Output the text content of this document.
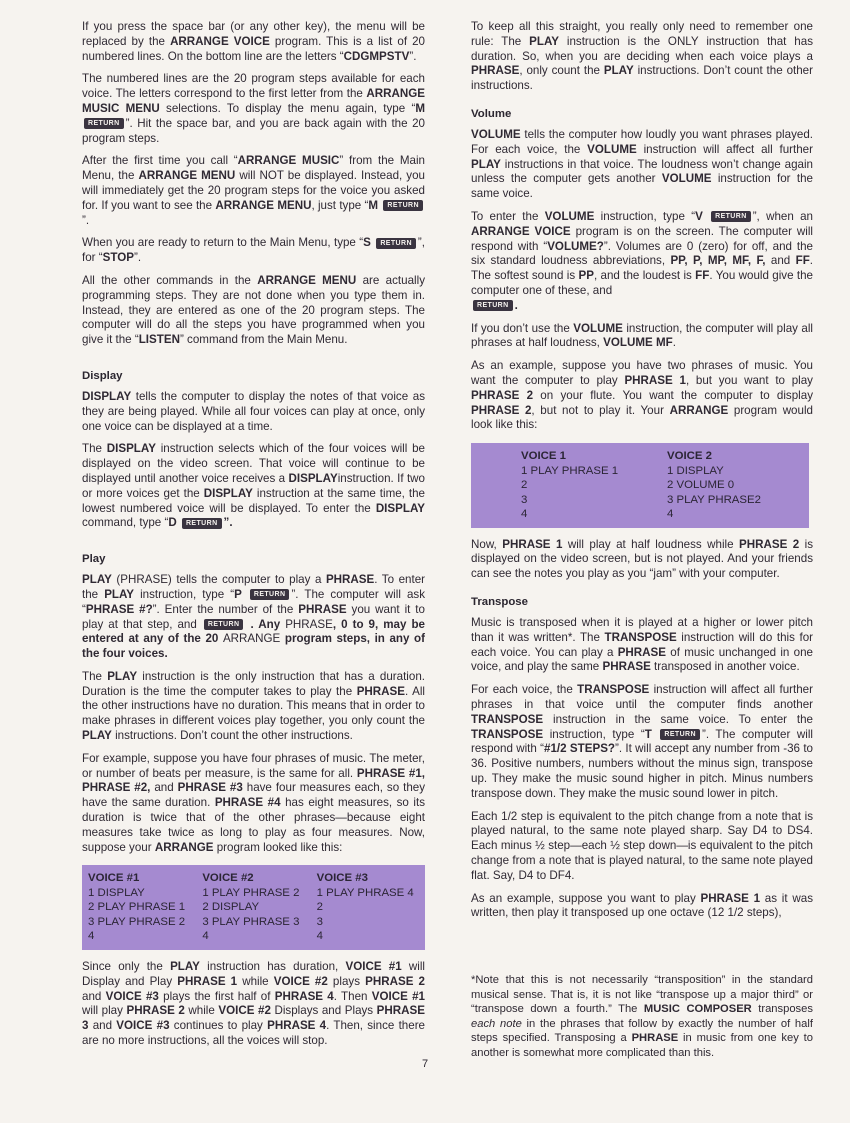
If you press the space bar (or any other key), the menu will be replaced by the ARRANGE VOICE program. This is a list of 20 numbered lines. On the bottom line are the letters “CDGMPSTV”.

The numbered lines are the 20 program steps available for each voice. The letters correspond to the first letter from the ARRANGE MUSIC MENU selections. To display the menu again, type “M RETURN ”. Hit the space bar, and you are back again with the 20 program steps.

After the first time you call “ARRANGE MUSIC” from the Main Menu, the ARRANGE MENU will NOT be displayed. Instead, you will immediately get the 20 program steps for the voice you asked for. If you want to see the ARRANGE MENU, just type “M RETURN”.

When you are ready to return to the Main Menu, type “S RETURN ”, for “STOP”.

All the other commands in the ARRANGE MENU are actually programming steps. They are not done when you type them in. Instead, they are entered as one of the 20 program steps. The computer will do all the steps you have programmed when you give it the “LISTEN” command from the Main Menu.

Display

DISPLAY tells the computer to display the notes of that voice as they are being played. While all four voices can play at once, only one voice can be displayed at a time.

The DISPLAY instruction selects which of the four voices will be displayed on the video screen. That voice will continue to be displayed until another voice receives a DISPLAYinstruction. If two or more voices get the DISPLAY instruction at the same time, the lowest numbered voice will be displayed. To enter the DISPLAY command, type “D RETURN ”.

Play

PLAY (PHRASE) tells the computer to play a PHRASE. To enter the PLAY instruction, type “P RETURN ”. The computer will ask “PHRASE #?”. Enter the number of the PHRASE you want it to play at that step, and RETURN . Any PHRASE, 0 to 9, may be entered at any of the 20 ARRANGE program steps, in any of the four voices.

The PLAY instruction is the only instruction that has a duration. Duration is the time the computer takes to play the PHRASE. All the other instructions have no duration. This means that in order to make phrases in different voices play together, you only count the PLAY instructions. Don’t count the other instructions.

For example, suppose you have four phrases of music. The meter, or number of beats per measure, is the same for all. PHRASE #1, PHRASE #2, and PHRASE #3 have four measures each, so they have the same duration. PHRASE #4 has eight measures, so its duration is twice that of the other phrases—because eight measures take twice as long to play as four measures. Now, suppose your ARRANGE program looked like this:

VOICE #1	VOICE #2	VOICE #3
1 DISPLAY	1 PLAY PHRASE 2	1 PLAY PHRASE 4
2 PLAY PHRASE 1	2 DISPLAY	2
3 PLAY PHRASE 2	3 PLAY PHRASE 3	3
4	4	4

Since only the PLAY instruction has duration, VOICE #1 will Display and Play PHRASE 1 while VOICE #2 plays PHRASE 2 and VOICE #3 plays the first half of PHRASE 4. Then VOICE #1 will play PHRASE 2 while VOICE #2 Displays and Plays PHRASE 3 and VOICE #3 continues to play PHRASE 4. Then, since there are no more instructions, all the voices will stop.

To keep all this straight, you really only need to remember one rule: The PLAY instruction is the ONLY instruction that has duration. So, when you are deciding when each voice plays a PHRASE, only count the PLAY instructions. Don’t count the other instructions.

Volume

VOLUME tells the computer how loudly you want phrases played. For each voice, the VOLUME instruction will affect all further PLAY instructions in that voice. The loudness won’t change again unless the computer gets another VOLUME instruction for the same voice.

To enter the VOLUME instruction, type “V RETURN ”, when an ARRANGE VOICE program is on the screen. The computer will respond with “VOLUME?”. Volumes are 0 (zero) for off, and the six standard loudness abbreviations, PP, P, MP, MF, F, and FF. The softest sound is PP, and the loudest is FF. You would give the computer one of these, and
RETURN .

If you don’t use the VOLUME instruction, the computer will play all phrases at half loudness, VOLUME MF.

As an example, suppose you have two phrases of music. You want the computer to play PHRASE 1, but you want to play PHRASE 2 on your flute. You want the computer to display PHRASE 2, but not to play it. Your ARRANGE program would look like this:

VOICE 1	VOICE 2
1 PLAY PHRASE 1	1 DISPLAY
2	2 VOLUME 0
3	3 PLAY PHRASE2
4	4

Now, PHRASE 1 will play at half loudness while PHRASE 2 is displayed on the video screen, but is not played. And your friends can see the notes you play as you “jam” with your computer.

Transpose

Music is transposed when it is played at a higher or lower pitch than it was written*. The TRANSPOSE instruction will do this for each voice. You can play a PHRASE of music unchanged in one voice, and play the same PHRASE transposed in another voice.

For each voice, the TRANSPOSE instruction will affect all further phrases in that voice until the computer finds another TRANSPOSE instruction in the same voice. To enter the TRANSPOSE instruction, type “T RETURN ”. The computer will respond with “#1/2 STEPS?”. It will accept any number from -36 to 36. Positive numbers, numbers without the minus sign, transpose up. They make the music sound higher in pitch. Minus numbers transpose down. They make the music sound lower in pitch.

Each 1/2 step is equivalent to the pitch change from a note that is played natural, to the same note played sharp. Say D4 to DS4. Each minus ½ step—each ½ step down—is equivalent to the pitch change from a note that is played natural, to the same note played flat. Say, D4 to DF4.

As an example, suppose you want to play PHRASE 1 as it was written, then play it transposed up one octave (12 1/2 steps),

*Note that this is not necessarily “transposition” in the standard musical sense. That is, it is not like “transpose up a major third” or “transpose down a fourth.” The MUSIC COMPOSER transposes each note in the phrases that follow by exactly the number of half steps specified. Transposing a PHRASE in music from one key to another is somewhat more complicated than this.

7
